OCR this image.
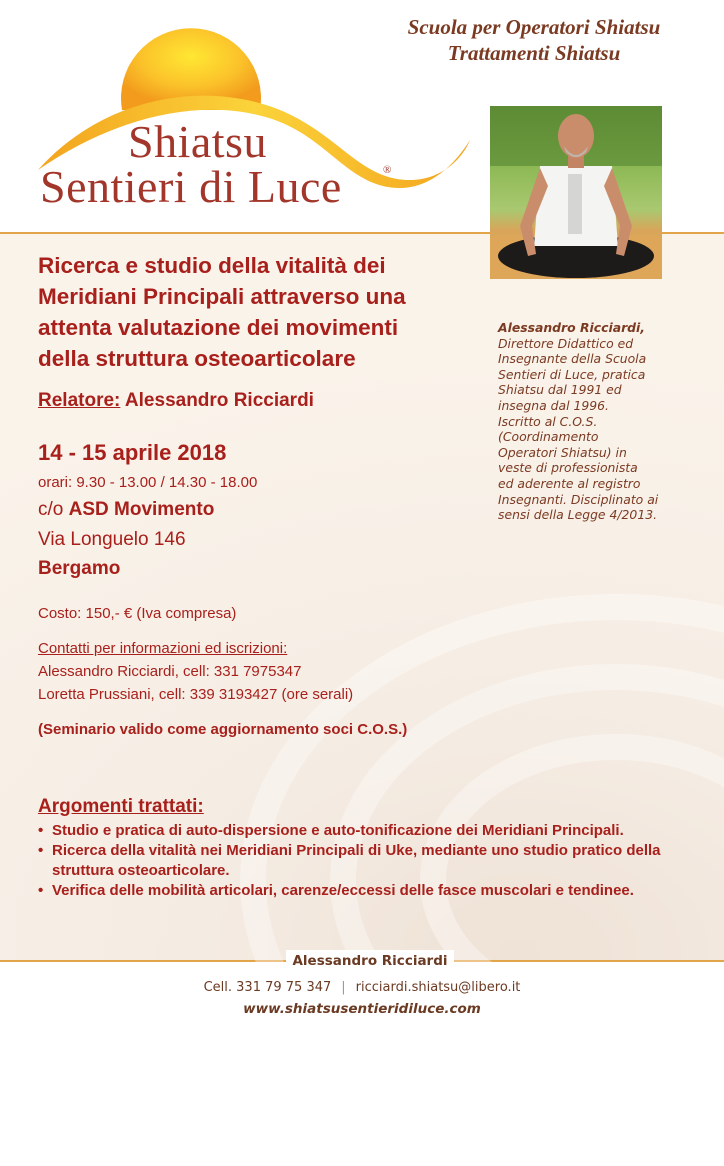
Shiatsu
Sentieri di Luce	®
Scuola per Operatori Shiatsu
Trattamenti Shiatsu
Alessandro Ricciardi,
Direttore Didattico ed
Insegnante della Scuola
Sentieri di Luce, pratica
Shiatsu dal 1991 ed
insegna dal 1996.
Iscritto al C.O.S.
(Coordinamento
Operatori Shiatsu) in
veste di professionista
ed aderente al registro
Insegnanti. Disciplinato ai
sensi della Legge 4/2013.
Ricerca e studio della vitalità dei
Meridiani Principali attraverso una
attenta valutazione dei movimenti
della struttura osteoarticolare
Relatore: Alessandro Ricciardi
14 - 15 aprile 2018
orari: 9.30 - 13.00 / 14.30 - 18.00
c/o ASD Movimento
Via Longuelo 146
Bergamo
Costo: 150,- € (Iva compresa)
Contatti per informazioni ed iscrizioni:
Alessandro Ricciardi, cell: 331 7975347
Loretta Prussiani, cell: 339 3193427 (ore serali)
(Seminario valido come aggiornamento soci C.O.S.)
Argomenti trattati:
• Studio e pratica di auto-dispersione e auto-tonificazione dei Meridiani Principali.
• Ricerca della vitalità nei Meridiani Principali di Uke, mediante uno studio pratico della struttura osteoarticolare.
• Verifica delle mobilità articolari, carenze/eccessi delle fasce muscolari e tendinee.
Alessandro Ricciardi
Cell. 331 79 75 347 | ricciardi.shiatsu@libero.it
www.shiatsusentieridiluce.com
